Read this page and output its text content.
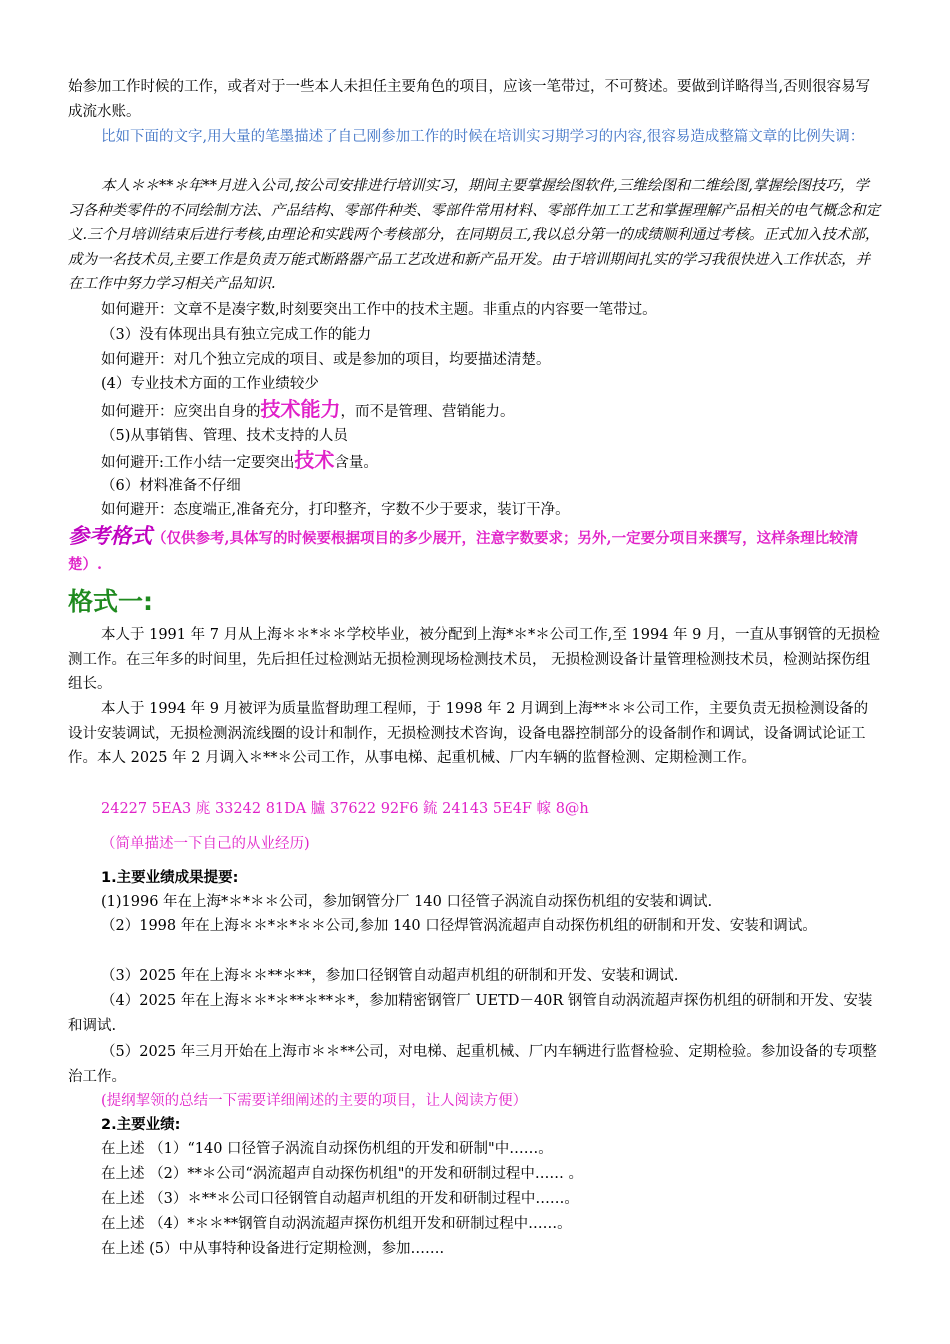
始参加工作时候的工作，或者对于一些本人未担任主要角色的项目，应该一笔带过，不可赘述。要做到详略得当,否则很容易写成流水账。

比如下面的文字,用大量的笔墨描述了自己刚参加工作的时候在培训实习期学习的内容,很容易造成整篇文章的比例失调：

本人＊＊**＊年**月进入公司,按公司安排进行培训实习，期间主要掌握绘图软件,三维绘图和二维绘图,掌握绘图技巧，学习各种类零件的不同绘制方法、产品结构、零部件种类、零部件常用材料、零部件加工工艺和掌握理解产品相关的电气概念和定义.三个月培训结束后进行考核,由理论和实践两个考核部分，在同期员工,我以总分第一的成绩顺利通过考核。正式加入技术部，成为一名技术员,主要工作是负责万能式断路器产品工艺改进和新产品开发。由于培训期间扎实的学习我很快进入工作状态，并在工作中努力学习相关产品知识.

如何避开：文章不是凑字数,时刻要突出工作中的技术主题。非重点的内容要一笔带过。

（3）没有体现出具有独立完成工作的能力

如何避开：对几个独立完成的项目、或是参加的项目，均要描述清楚。

(4）专业技术方面的工作业绩较少

如何避开：应突出自身的技术能力，而不是管理、营销能力。

（5)从事销售、管理、技术支持的人员

如何避开:工作小结一定要突出技术含量。

（6）材料准备不仔细

如何避开：态度端正,准备充分，打印整齐，字数不少于要求，装订干净。

参考格式（仅供参考,具体写的时候要根据项目的多少展开，注意字数要求；另外,一定要分项目来撰写，这样条理比较清楚）.

格式一:

本人于 1991 年 7 月从上海＊＊*＊＊学校毕业，被分配到上海*＊*＊公司工作,至 1994 年 9 月，一直从事钢管的无损检测工作。在三年多的时间里，先后担任过检测站无损检测现场检测技术员， 无损检测设备计量管理检测技术员，检测站探伤组组长。

本人于 1994 年 9 月被评为质量监督助理工程师，于 1998 年 2 月调到上海**＊＊公司工作，主要负责无损检测设备的设计安装调试，无损检测涡流线圈的设计和制作，无损检测技术咨询，设备电器控制部分的设备制作和调试，设备调试论证工作。本人 2025 年 2 月调入＊**＊公司工作，从事电梯、起重机械、厂内车辆的监督检测、定期检测工作。

24227 5EA3 庣 33242 81DA 臚 37622 92F6 鋶 24143 5E4F 幏 8@h

（简单描述一下自己的从业经历)

1.主要业绩成果提要:

(1)1996 年在上海*＊*＊＊公司，参加钢管分厂 140 口径管子涡流自动探伤机组的安装和调试.

（2）1998 年在上海＊＊*＊*＊＊公司,参加 140 口径焊管涡流超声自动探伤机组的研制和开发、安装和调试。

（3）2025 年在上海＊＊**＊**，参加口径钢管自动超声机组的研制和开发、安装和调试.

（4）2025 年在上海＊＊*＊**＊**＊*，参加精密钢管厂 UETD－40R 钢管自动涡流超声探伤机组的研制和开发、安装和调试.

（5）2025 年三月开始在上海市＊＊**公司，对电梯、起重机械、厂内车辆进行监督检验、定期检验。参加设备的专项整治工作。

(提纲挈领的总结一下需要详细阐述的主要的项目，让人阅读方便）

2.主要业绩:

在上述 （1）“140 口径管子涡流自动探伤机组的开发和研制"中……。

在上述 （2）**＊公司“涡流超声自动探伤机组"的开发和研制过程中…… 。

在上述 （3）＊**＊公司口径钢管自动超声机组的开发和研制过程中……。

在上述 （4）*＊＊**钢管自动涡流超声探伤机组开发和研制过程中……。

在上述 (5）中从事特种设备进行定期检测，参加…….
